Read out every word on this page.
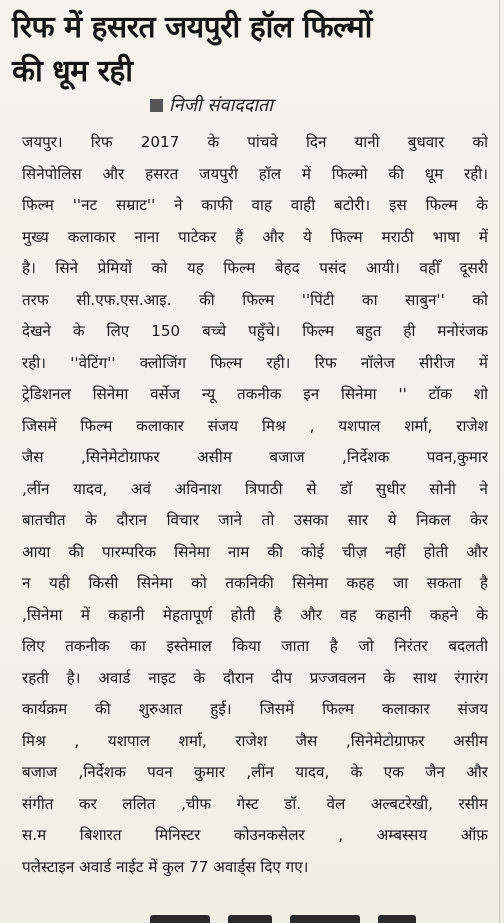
रिफ में हसरत जयपुरी हॉल फिल्मों
की धूम रही
निजी संवाददाता
जयपुर। रिफ 2017 के पांचवे दिन यानी बुधवार को
सिनेपोलिस और हसरत जयपुरी हॉल में फिल्मो की धूम रही।
फिल्म ''नट सम्राट'' ने काफी वाह वाही बटोरी। इस फिल्म के
मुख्य कलाकार नाना पाटेकर हैं और ये फिल्म मराठी भाषा में
है। सिने प्रेमियों को यह फिल्म बेहद पसंद आयी। वहीँ दूसरी
तरफ सी.एफ.एस.आइ. की फिल्म ''पिंटी का साबुन'' को
देखने के लिए 150 बच्चे पहुँचे। फिल्म बहुत ही मनोरंजक
रही। ''वेटिंग'' क्लोजिंग फिल्म रही। रिफ नॉलेज सीरीज में
ट्रेडिशनल सिनेमा वर्सेज न्यू तकनीक इन सिनेमा '' टॉक शो
जिसमें फिल्म कलाकार संजय मिश्र , यशपाल शर्मा, राजेश
जैस ,सिनेमेटोग्राफर असीम बजाज ,निर्देशक पवन,कुमार
,लींन यादव, अवं अविनाश त्रिपाठी से डॉ सुधीर सोनी ने
बातचीत के दौरान विचार जाने तो उसका सार ये निकल केर
आया की पारम्परिक सिनेमा नाम की कोई चीज़ नहीं होती और
न यही किसी सिनेमा को तकनिकी सिनेमा कहह जा सकता है
,सिनेमा में कहानी मेहतापूर्ण होती है और वह कहानी कहने के
लिए तकनीक का इस्तेमाल किया जाता है जो निरंतर बदलती
रहती है। अवार्ड नाइट के दौरान दीप प्रज्जवलन के साथ रंगारंग
कार्यक्रम की शुरुआत हुई। जिसमें फिल्म कलाकार संजय
मिश्र , यशपाल शर्मा, राजेश जैस ,सिनेमेटोग्राफर असीम
बजाज ,निर्देशक पवन कुमार ,लींन यादव, के एक जैन और
संगीत कर ललित ,चीफ गेस्ट डॉ. वेल अल्बटरेखी, रसीम
स.म बिशारत मिनिस्टर कोउनकसेलर , अम्बस्सय ऑफ़
पलेस्टाइन अवार्ड नाईट में कुल 77 अवार्ड्स दिए गए।
